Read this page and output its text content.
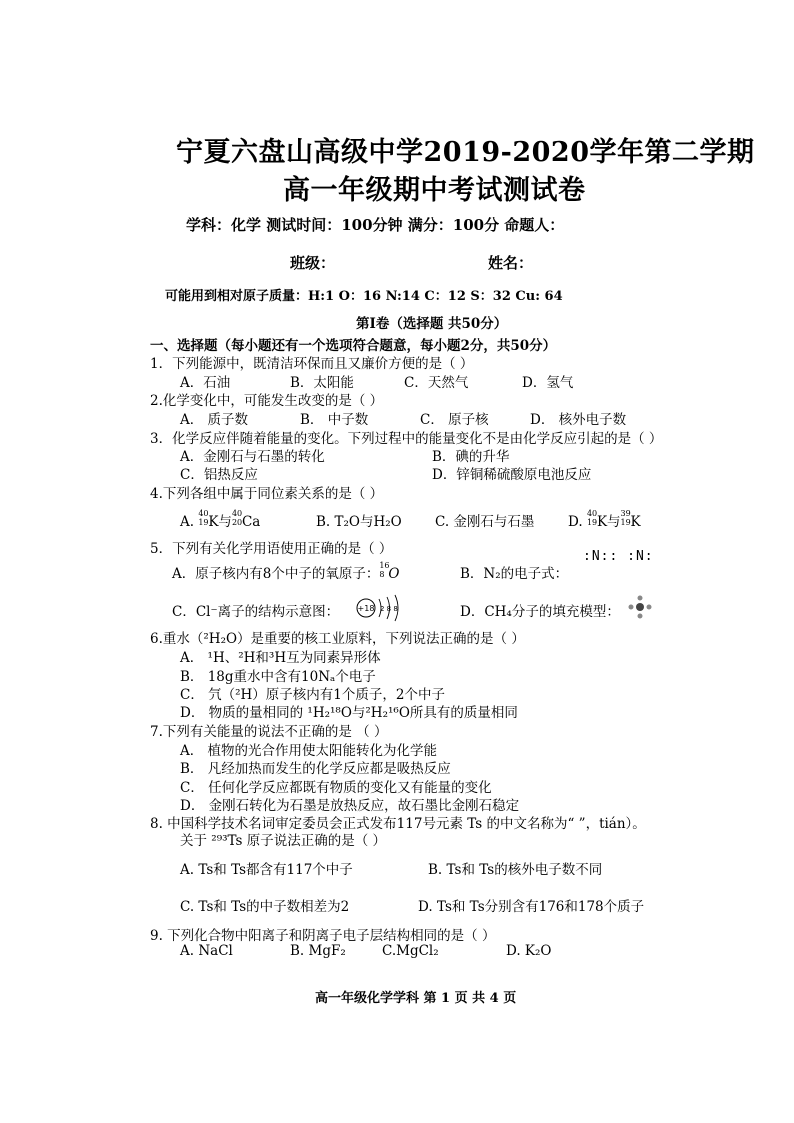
宁夏六盘山高级中学2019-2020学年第二学期
高一年级期中考试测试卷
学科：化学 测试时间：100分钟 满分：100分 命题人：
班级：	姓名：
可能用到相对原子质量：H:1 O：16 N:14 C：12 S：32 Cu: 64
第Ⅰ卷（选择题 共50分）
一、选择题（每小题还有一个选项符合题意，每小题2分，共50分）
1．下列能源中，既清洁环保而且又廉价方便的是（ ）
A．石油	B．太阳能	C．天然气	D．氢气
2.化学变化中，可能发生改变的是（ ）
A． 质子数	B． 中子数	C． 原子核	D． 核外电子数
3．化学反应伴随着能量的变化。下列过程中的能量变化不是由化学反应引起的是（ ）
A．金刚石与石墨的转化	B．碘的升华
C．铝热反应	D．锌铜稀硫酸原电池反应
4.下列各组中属于同位素关系的是（ ）
A.
40
19 K与
40
20 Ca	B. T₂O与H₂O C. 金刚石与石墨 D.
40
19 K与
39
19 K
5．下列有关化学用语使用正确的是（ ）	:N:: :N:
A．原子核内有8个中子的氧原子：
16
8 O	B．N₂的电子式：
C．Cl⁻离子的结构示意图： +18 2 8 8	D．CH₄分子的填充模型：
6.重水（²H₂O）是重要的核工业原料，下列说法正确的是（ ）
A． ¹H、²H和³H互为同素异形体
B． 18g重水中含有10Nₐ个电子
C． 氕（²H）原子核内有1个质子，2个中子
D． 物质的量相同的 ¹H₂¹⁸O与²H₂¹⁶O所具有的质量相同
7.下列有关能量的说法不正确的是 （ ）
A． 植物的光合作用使太阳能转化为化学能
B． 凡经加热而发生的化学反应都是吸热反应
C． 任何化学反应都既有物质的变化又有能量的变化
D． 金刚石转化为石墨是放热反应，故石墨比金刚石稳定
8. 中国科学技术名词审定委员会正式发布117号元素 Ts 的中文名称为“ ”，tián）。
关于 ²⁹³Ts 原子说法正确的是（ ）
A. Ts和 Ts都含有117个中子	B. Ts和 Ts的核外电子数不同
C. Ts和 Ts的中子数相差为2	D. Ts和 Ts分别含有176和178个质子
9. 下列化合物中阳离子和阴离子电子层结构相同的是（ ）
A. NaCl	B. MgF₂	C.MgCl₂	D. K₂O
高一年级化学学科 第 1 页 共 4 页
